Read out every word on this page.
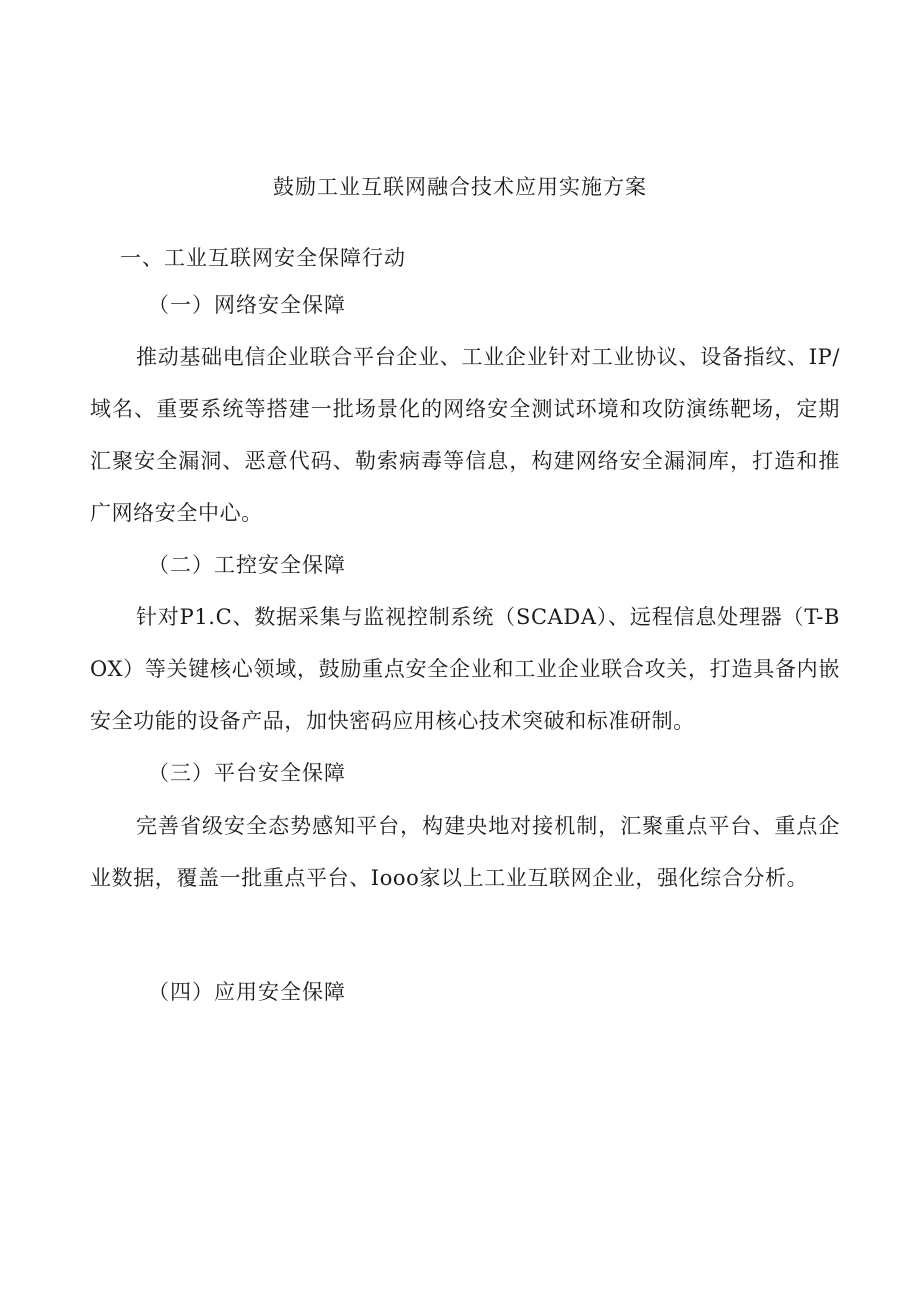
鼓励工业互联网融合技术应用实施方案
一、工业互联网安全保障行动
（一）网络安全保障
推动基础电信企业联合平台企业、工业企业针对工业协议、设备指纹、IP/域名、重要系统等搭建一批场景化的网络安全测试环境和攻防演练靶场，定期汇聚安全漏洞、恶意代码、勒索病毒等信息，构建网络安全漏洞库，打造和推广网络安全中心。
（二）工控安全保障
针对P1.C、数据采集与监视控制系统（SCADA）、远程信息处理器（T-BOX）等关键核心领域，鼓励重点安全企业和工业企业联合攻关，打造具备内嵌安全功能的设备产品，加快密码应用核心技术突破和标准研制。
（三）平台安全保障
完善省级安全态势感知平台，构建央地对接机制，汇聚重点平台、重点企业数据，覆盖一批重点平台、Iooo家以上工业互联网企业，强化综合分析。
（四）应用安全保障
